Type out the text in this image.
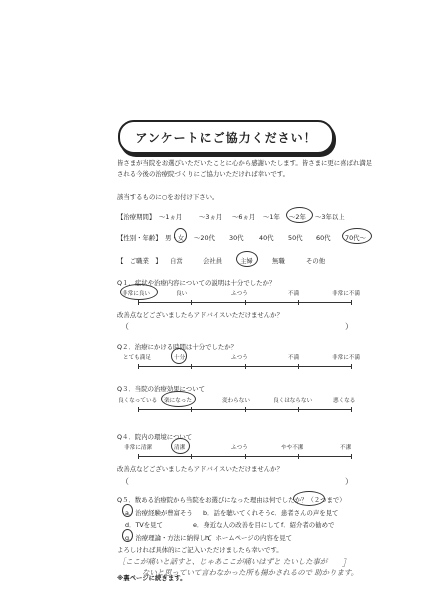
アンケートにご協力ください！
皆さまが当院をお選びいただいたことに心から感謝いたします。皆さまに更に喜ばれ満足
される今後の治療院づくりにご協力いただければ幸いです。
該当するものに○をお付け下さい。
【治療期間】 ～1ヵ月	～3ヵ月 ～6ヵ月 ～1年 ～2年 ～3年以上
【性別・年齢】 男・女 ～20代 30代 40代 50代 60代 70代～
【　ご職業　】 自営	会社員	主婦	無職	その他
Q１．症状や治療内容についての説明は十分でしたか？
非常に良い	良い	ふつう	不満	非常に不満
改善点などございましたらアドバイスいただけませんか？
（	）
Q２．治療にかける時間は十分でしたか？
とても満足	十分	ふつう	不満	非常に不満
Q３．当院の治療効果について
良くなっている 楽になった	変わらない	良くはならない	悪くなる
Q４．院内の環境について
非常に清潔	清潔	ふつう	やや不潔	不潔
改善点などございましたらアドバイスいただけませんか？
（	）
Q５．数ある治療院から当院をお選びになった理由は何でしたか？（２つまで）
a．治療経験が豊富そう b．話を聴いてくれそう c．患者さんの声を見て
d．TVを見て	e．身近な人の改善を目にして f．紹介者の勧めで
g．治療理論・方法に納得して
h．ホームページの内容を見て
よろしければ具体的にご記入いただけましたら幸いです。
［ここが痛いと話すと、じゃあここが痛いはずと たいした事が
ないと思っていて言わなかった所も揚かされるので 助かります。
］
※裏ページに続きます。
